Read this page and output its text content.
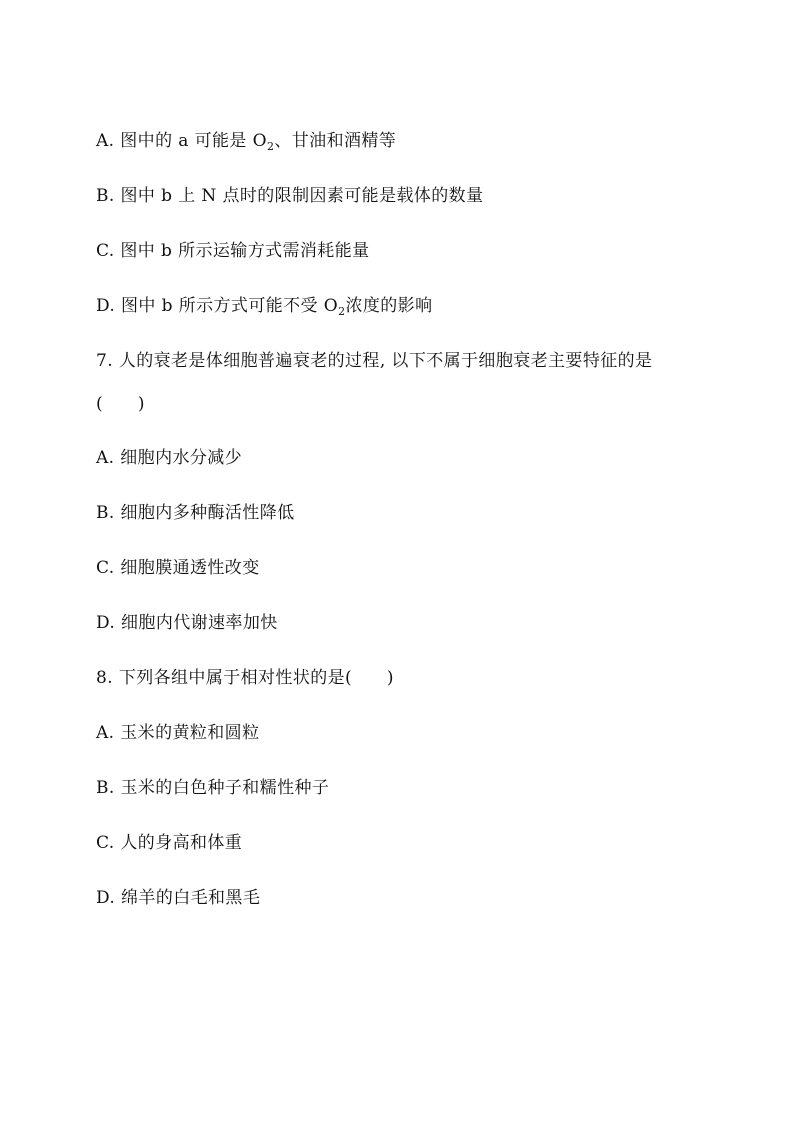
A. 图中的 a 可能是 $O_2$、甘油和酒精等
B. 图中 b 上 N 点时的限制因素可能是载体的数量
C. 图中 b 所示运输方式需消耗能量
D. 图中 b 所示方式可能不受 $O_2$浓度的影响
7. 人的衰老是体细胞普遍衰老的过程, 以下不属于细胞衰老主要特征的是
(　　)
A. 细胞内水分减少
B. 细胞内多种酶活性降低
C. 细胞膜通透性改变
D. 细胞内代谢速率加快
8. 下列各组中属于相对性状的是(　　)
A. 玉米的黄粒和圆粒
B. 玉米的白色种子和糯性种子
C. 人的身高和体重
D. 绵羊的白毛和黑毛
